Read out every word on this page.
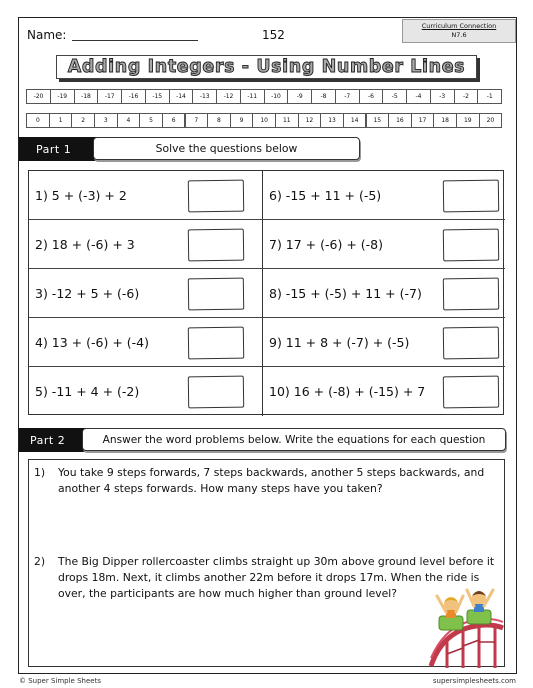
Name:	152
Curriculum Connection
N7.6
Adding Integers - Using Number Lines
-20	-19	-18	-17	-16	-15	-14	-13	-12	-11	-10	-9	-8	-7	-6	-5	-4	-3	-2	-1
0	1	2	3	4	5	6	7	8	9	10	11	12	13	14	15	16	17	18	19	20
Part 1	Solve the questions below
1) 5 + (-3) + 2	6) -15 + 11 + (-5)
2) 18 + (-6) + 3	7) 17 + (-6) + (-8)
3) -12 + 5 + (-6)	8) -15 + (-5) + 11 + (-7)
4) 13 + (-6) + (-4)	9) 11 + 8 + (-7) + (-5)
5) -11 + 4 + (-2)	10) 16 + (-8) + (-15) + 7
Part 2	Answer the word problems below. Write the equations for each question
1) You take 9 steps forwards, 7 steps backwards, another 5 steps backwards, and another 4 steps forwards. How many steps have you taken?
2) The Big Dipper rollercoaster climbs straight up 30m above ground level before it drops 18m. Next, it climbs another 22m before it drops 17m. When the ride is over, the participants are how much higher than ground level?
© Super Simple Sheets	supersimplesheets.com
